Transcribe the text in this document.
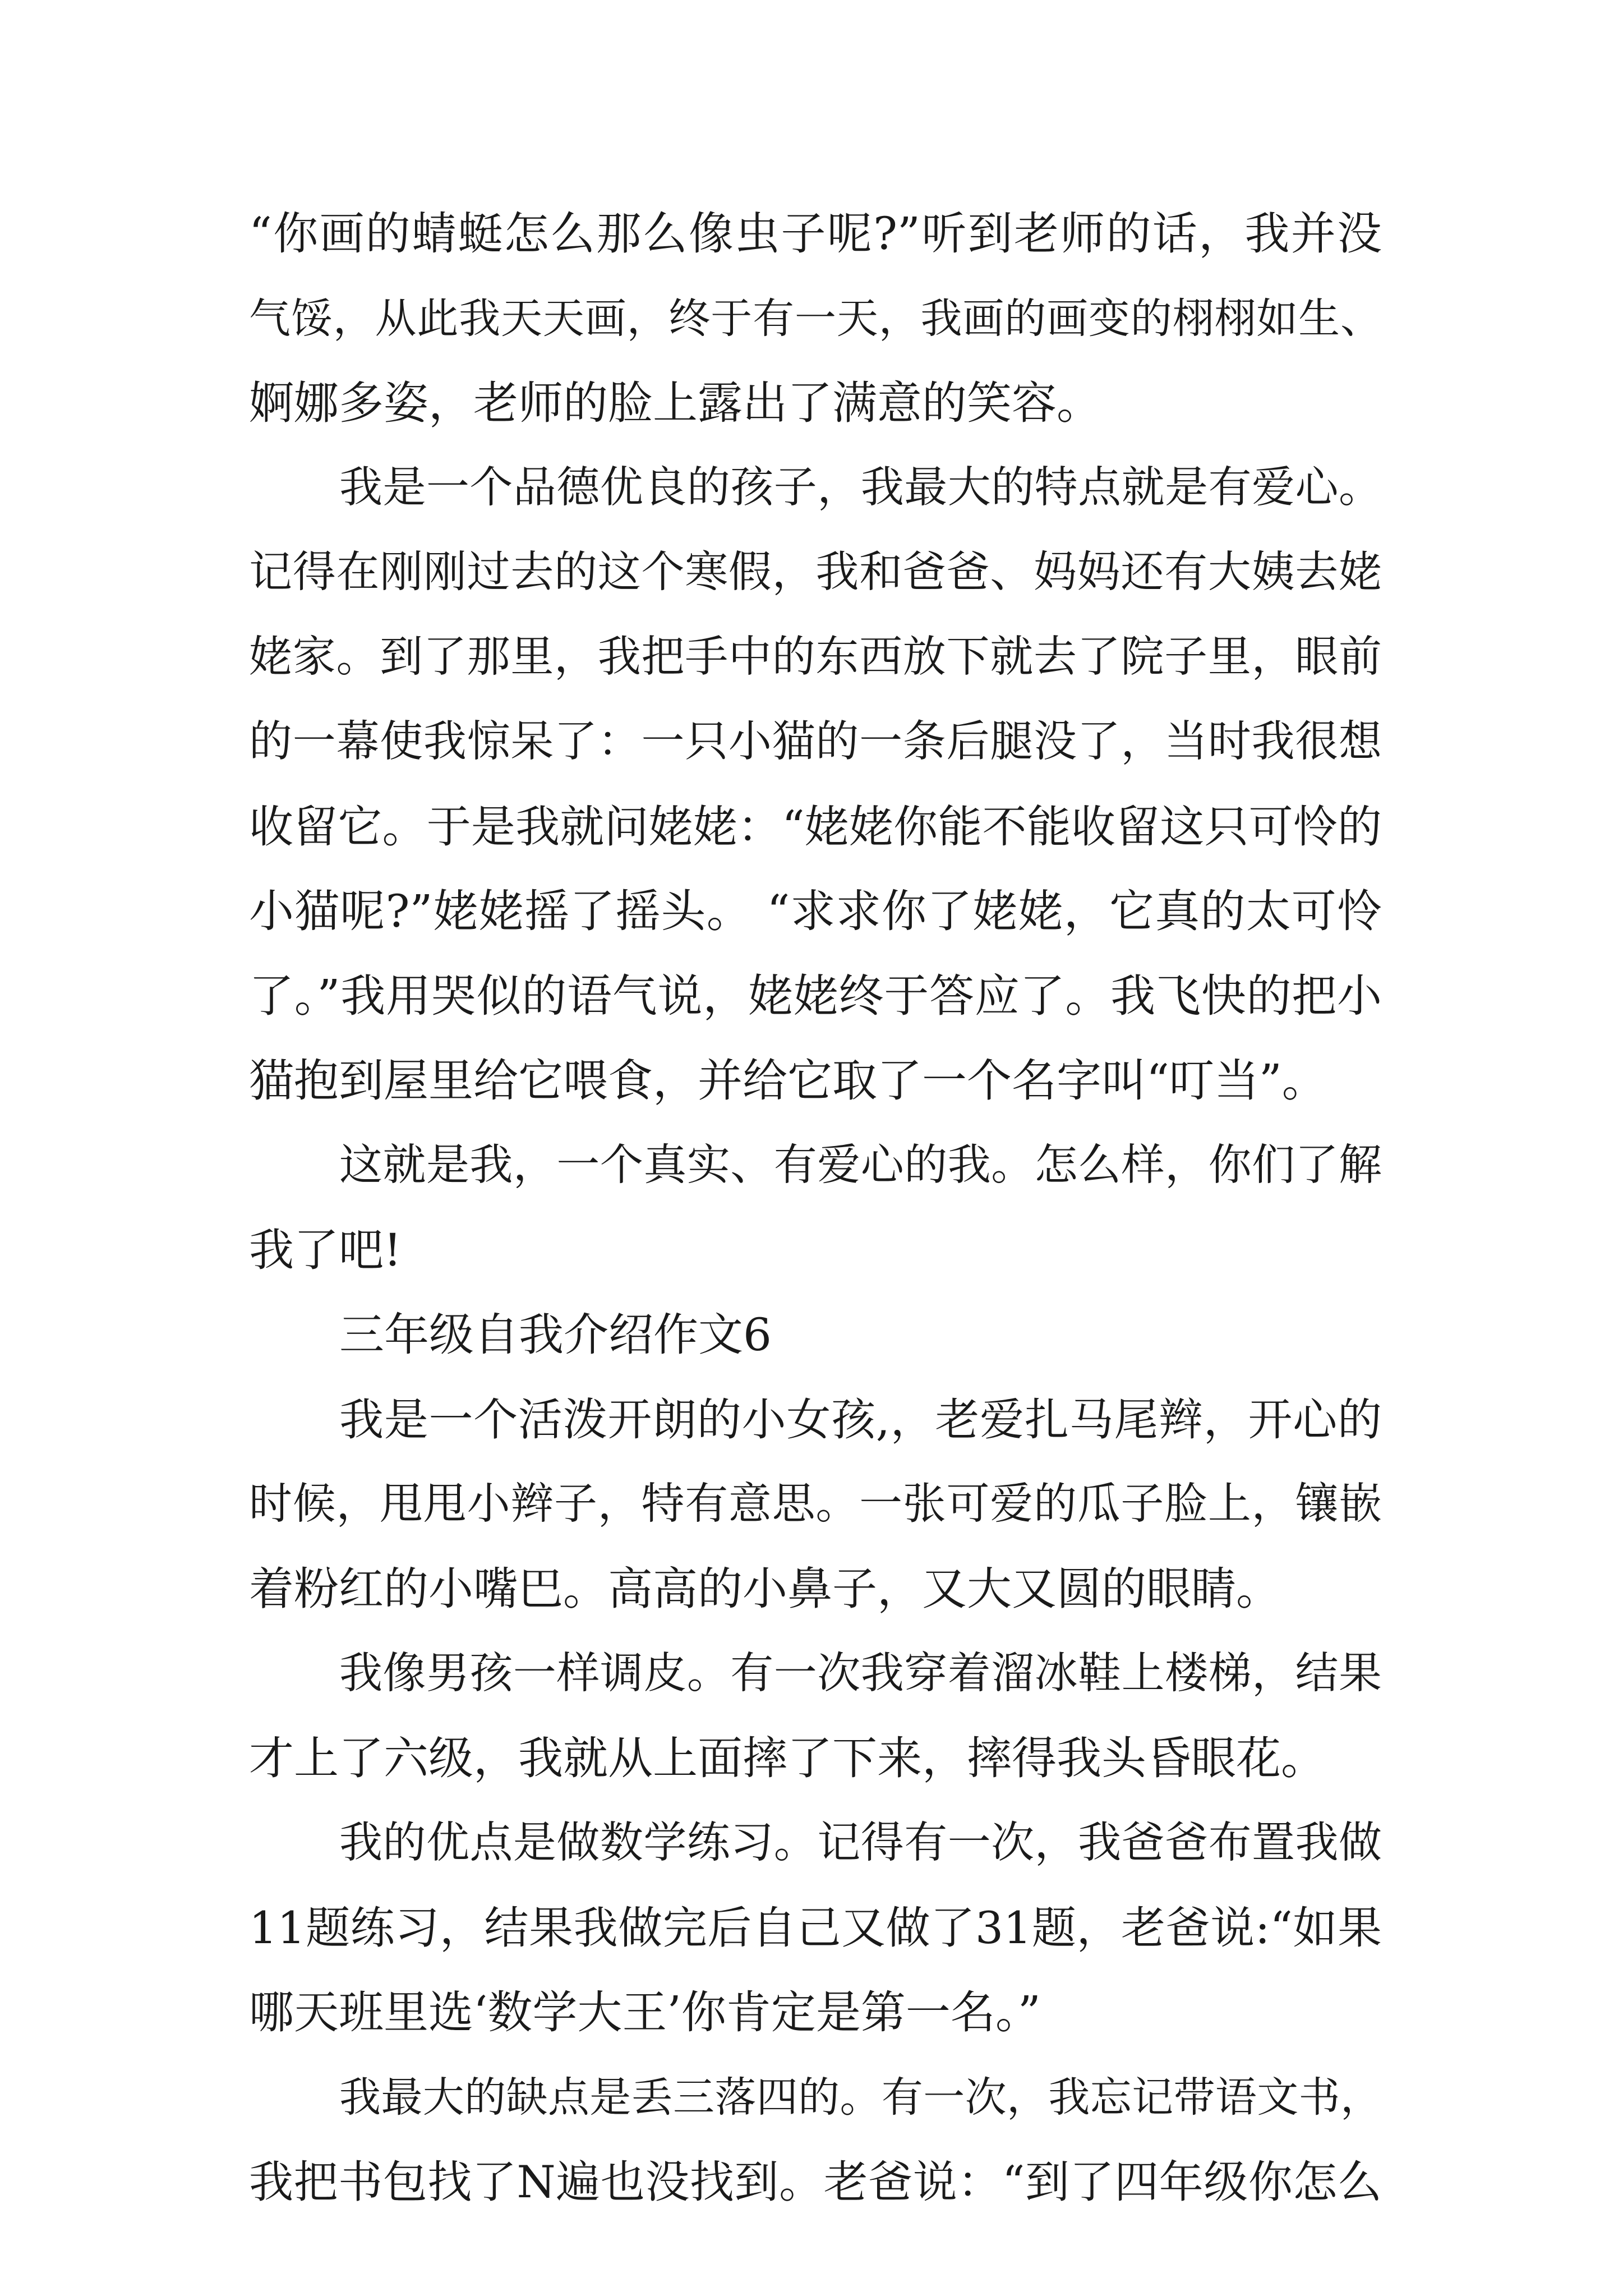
“你画的蜻蜓怎么那么像虫子呢?”听到老师的话，我并没
气馁，从此我天天画，终于有一天，我画的画变的栩栩如生、
婀娜多姿，老师的脸上露出了满意的笑容。
我是一个品德优良的孩子，我最大的特点就是有爱心。
记得在刚刚过去的这个寒假，我和爸爸、妈妈还有大姨去姥
姥家。到了那里，我把手中的东西放下就去了院子里，眼前
的一幕使我惊呆了：一只小猫的一条后腿没了，当时我很想
收留它。于是我就问姥姥：“姥姥你能不能收留这只可怜的
小猫呢?”姥姥摇了摇头。 “求求你了姥姥，它真的太可怜
了。”我用哭似的语气说，姥姥终于答应了。我飞快的把小
猫抱到屋里给它喂食，并给它取了一个名字叫“叮当”。
这就是我，一个真实、有爱心的我。怎么样，你们了解
我了吧!
三年级自我介绍作文6
我是一个活泼开朗的小女孩,，老爱扎马尾辫，开心的
时候，甩甩小辫子，特有意思。一张可爱的瓜子脸上，镶嵌
着粉红的小嘴巴。高高的小鼻子，又大又圆的眼睛。
我像男孩一样调皮。有一次我穿着溜冰鞋上楼梯，结果
才上了六级，我就从上面摔了下来，摔得我头昏眼花。
我的优点是做数学练习。记得有一次，我爸爸布置我做
11题练习，结果我做完后自己又做了31题，老爸说:“如果
哪天班里选‘数学大王’你肯定是第一名。”
我最大的缺点是丢三落四的。有一次，我忘记带语文书，
我把书包找了N遍也没找到。老爸说：“到了四年级你怎么
